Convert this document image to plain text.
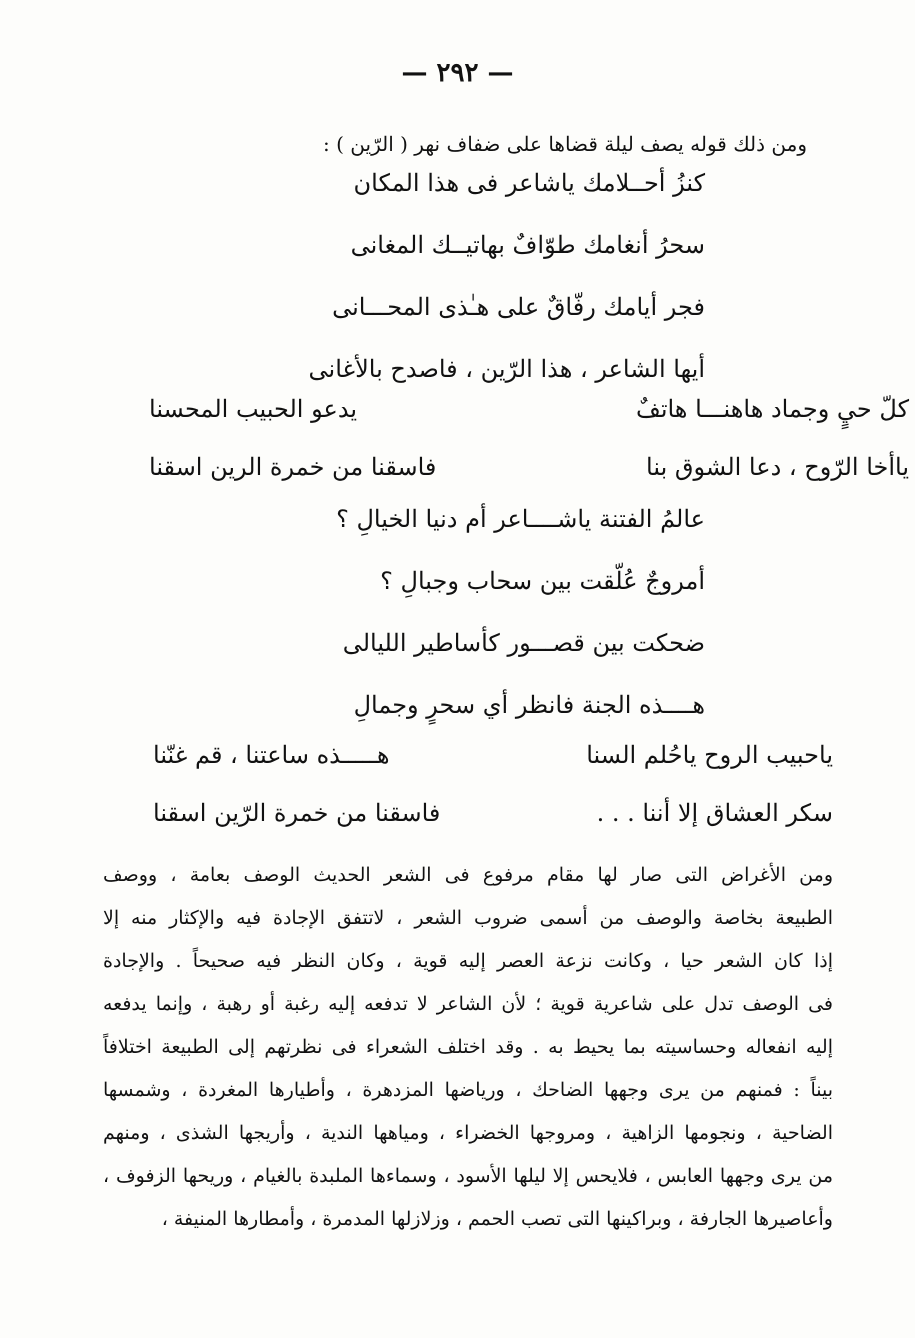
— ٢٩٢ —
ومن ذلك قوله يصف ليلة قضاها على ضفاف نهر ( الرّين ) :
كنزُ أحــلامك ياشاعر فى هذا المكان
سحرُ أنغامك طوّافٌ بهاتيــك المغانى
فجر أيامك رفّاقٌ على هـٰذى المحـــانى
أيها الشاعر ، هذا الرّين ، فاصدح بالأغانى
كلّ حيٍ وجماد هاهنـــا هاتفٌ
يدعو الحبيب المحسنا
ياأخا الرّوح ، دعا الشوق بنا
فاسقنا من خمرة الرين اسقنا
عالمُ الفتنة ياشــــاعر أم دنيا الخيالِ ؟
أمروجٌ عُلّقت بين سحاب وجبالِ ؟
ضحكت بين قصـــور كأساطير الليالى
هــــذه الجنة فانظر أي سحرٍ وجمالِ
ياحبيب الروح ياحُلم السنا
هـــــذه ساعتنا ، قم غنّنا
سكر العشاق إلا أننا . . .
فاسقنا من خمرة الرّين اسقنا
ومن الأغراض التى صار لها مقام مرفوع فى الشعر الحديث الوصف بعامة ، ووصف
الطبيعة بخاصة والوصف من أسمى ضروب الشعر ، لاتتفق الإجادة فيه والإكثار منه إلا
إذا كان الشعر حيا ، وكانت نزعة العصر إليه قوية ، وكان النظر فيه صحيحاً . والإجادة
فى الوصف تدل على شاعرية قوية ؛ لأن الشاعر لا تدفعه إليه رغبة أو رهبة ، وإنما يدفعه
إليه انفعاله وحساسيته بما يحيط به . وقد اختلف الشعراء فى نظرتهم إلى الطبيعة اختلافاً
بيناً : فمنهم من يرى وجهها الضاحك ، ورياضها المزدهرة ، وأطيارها المغردة ، وشمسها
الضاحية ، ونجومها الزاهية ، ومروجها الخضراء ، ومياهها الندية ، وأريجها الشذى ، ومنهم
من يرى وجهها العابس ، فلايحس إلا ليلها الأسود ، وسماءها الملبدة بالغيام ، وريحها الزفوف ،
وأعاصيرها الجارفة ، وبراكينها التى تصب الحمم ، وزلازلها المدمرة ، وأمطارها المنيفة ،
